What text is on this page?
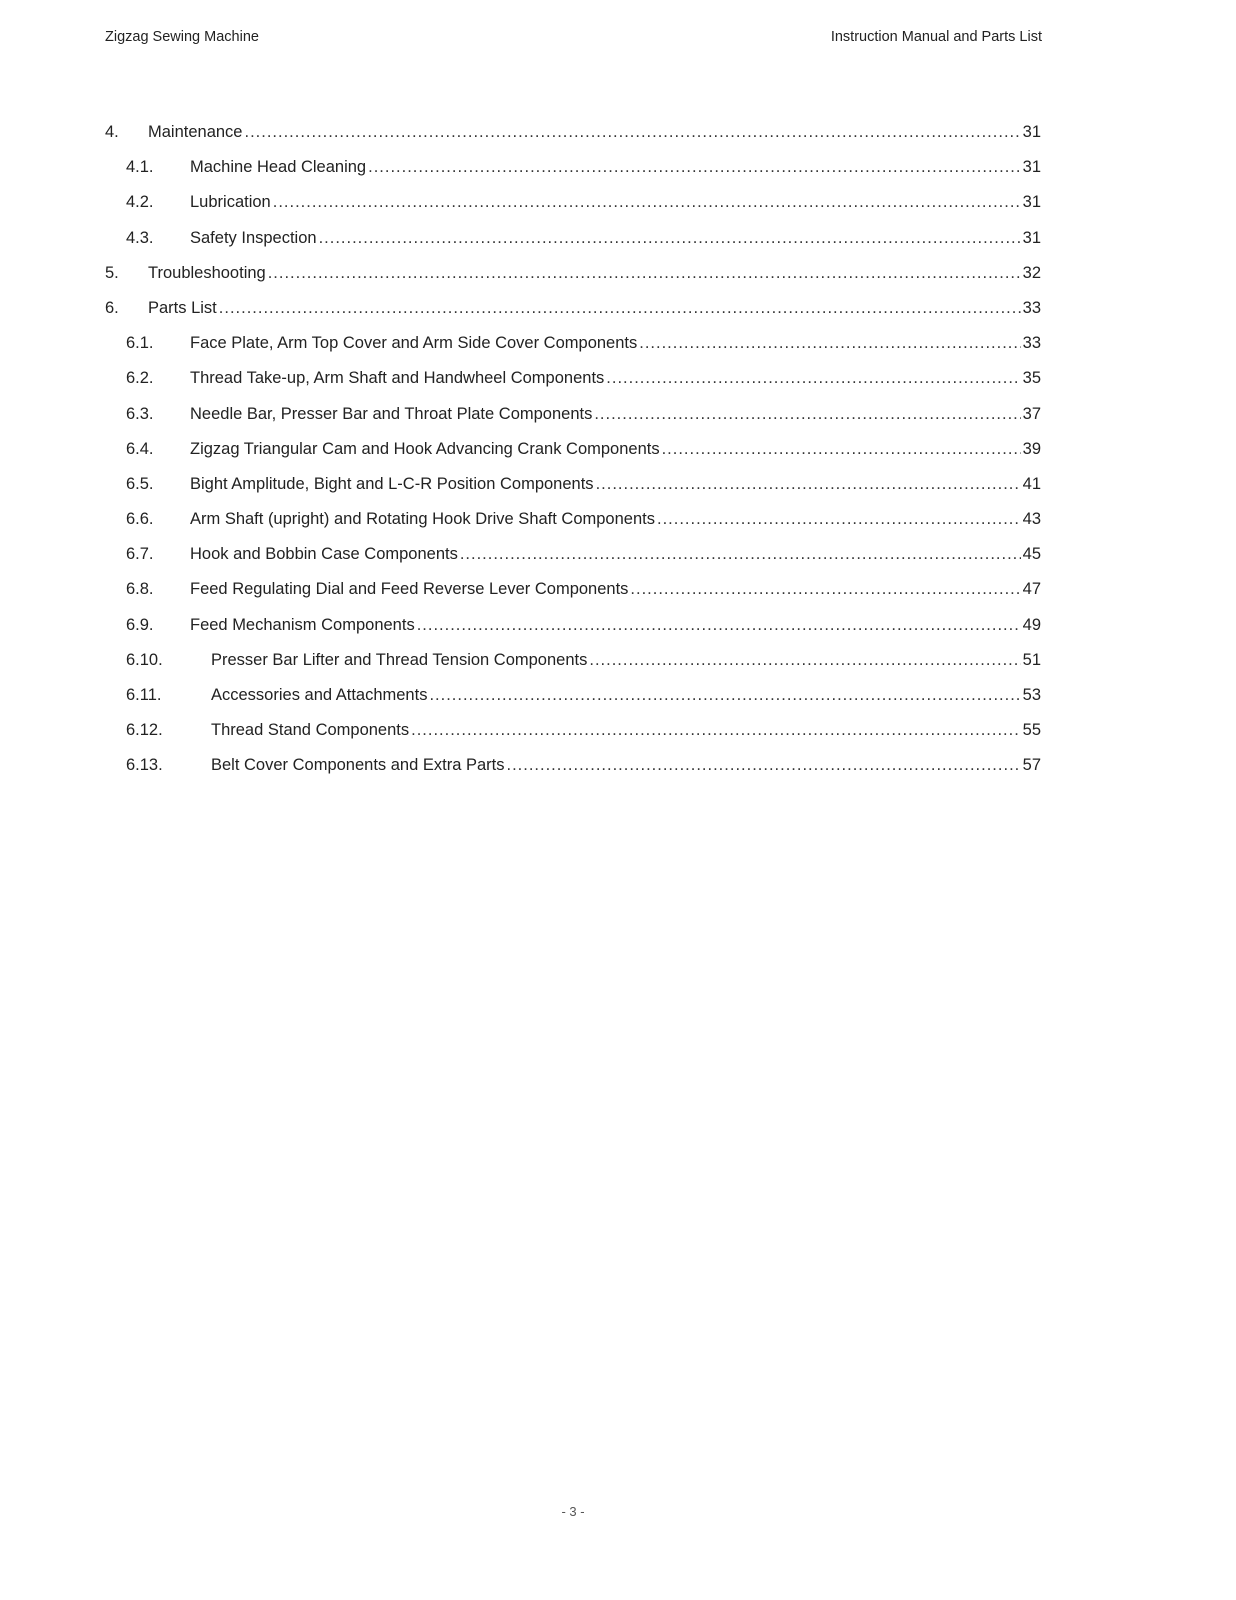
Zigzag Sewing Machine	Instruction Manual and Parts List
4.	Maintenance .....	31
4.1.	Machine Head Cleaning .....	31
4.2.	Lubrication .....	31
4.3.	Safety Inspection .....	31
5.	Troubleshooting .....	32
6.	Parts List .....	33
6.1.	Face Plate, Arm Top Cover and Arm Side Cover Components .....	33
6.2.	Thread Take-up, Arm Shaft and Handwheel Components .....	35
6.3.	Needle Bar, Presser Bar and Throat Plate Components .....	37
6.4.	Zigzag Triangular Cam and Hook Advancing Crank Components .....	39
6.5.	Bight Amplitude, Bight and L-C-R Position Components .....	41
6.6.	Arm Shaft (upright) and Rotating Hook Drive Shaft Components .....	43
6.7.	Hook and Bobbin Case Components .....	45
6.8.	Feed Regulating Dial and Feed Reverse Lever Components .....	47
6.9.	Feed Mechanism Components .....	49
6.10.	Presser Bar Lifter and Thread Tension Components .....	51
6.11.	Accessories and Attachments .....	53
6.12.	Thread Stand Components .....	55
6.13.	Belt Cover Components and Extra Parts .....	57
- 3 -
